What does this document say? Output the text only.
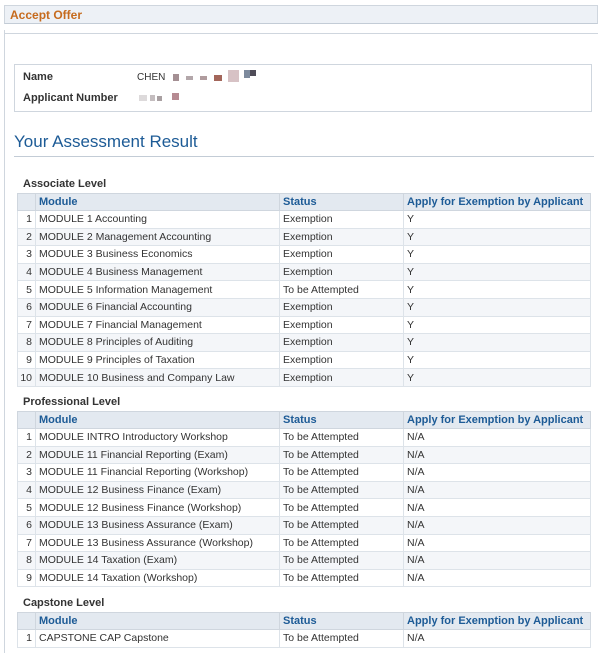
Accept Offer
Name	CHEN
Applicant Number
Your Assessment Result
Associate Level
	Module	Status	Apply for Exemption by Applicant
1	MODULE 1 Accounting	Exemption	Y
2	MODULE 2 Management Accounting	Exemption	Y
3	MODULE 3 Business Economics	Exemption	Y
4	MODULE 4 Business Management	Exemption	Y
5	MODULE 5 Information Management	To be Attempted	Y
6	MODULE 6 Financial Accounting	Exemption	Y
7	MODULE 7 Financial Management	Exemption	Y
8	MODULE 8 Principles of Auditing	Exemption	Y
9	MODULE 9 Principles of Taxation	Exemption	Y
10	MODULE 10 Business and Company Law	Exemption	Y
Professional Level
	Module	Status	Apply for Exemption by Applicant
1	MODULE INTRO Introductory Workshop	To be Attempted	N/A
2	MODULE 11 Financial Reporting (Exam)	To be Attempted	N/A
3	MODULE 11 Financial Reporting (Workshop)	To be Attempted	N/A
4	MODULE 12 Business Finance (Exam)	To be Attempted	N/A
5	MODULE 12 Business Finance (Workshop)	To be Attempted	N/A
6	MODULE 13 Business Assurance (Exam)	To be Attempted	N/A
7	MODULE 13 Business Assurance (Workshop)	To be Attempted	N/A
8	MODULE 14 Taxation (Exam)	To be Attempted	N/A
9	MODULE 14 Taxation (Workshop)	To be Attempted	N/A
Capstone Level
	Module	Status	Apply for Exemption by Applicant
1	CAPSTONE CAP Capstone	To be Attempted	N/A
